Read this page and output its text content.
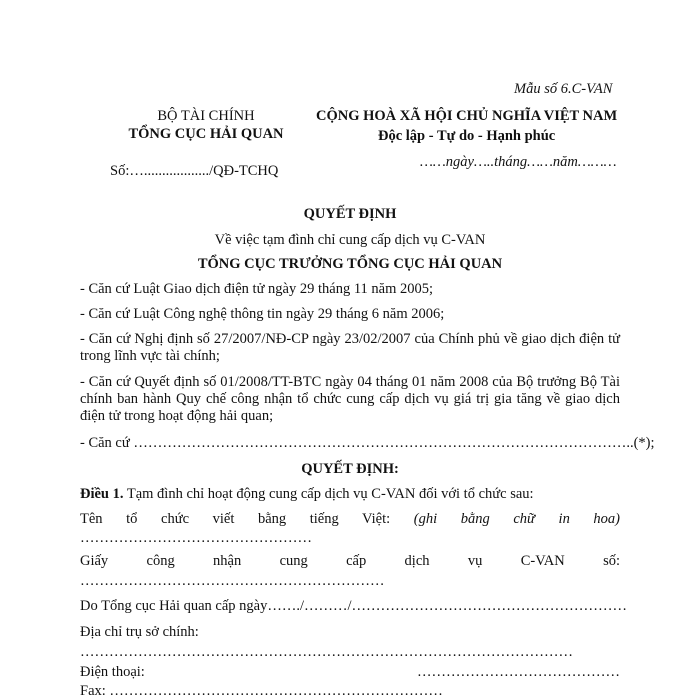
Mẫu số 6.C-VAN
BỘ TÀI CHÍNH
TỔNG CỤC HẢI QUAN
Số:…................../QĐ-TCHQ
CỘNG HOÀ XÃ HỘI CHỦ NGHĨA VIỆT NAM
Độc lập - Tự do - Hạnh phúc
……ngày…..tháng……năm………
QUYẾT ĐỊNH
Về việc tạm đình chỉ cung cấp dịch vụ C-VAN
TỔNG CỤC TRƯỞNG TỔNG CỤC HẢI QUAN
- Căn cứ Luật Giao dịch điện tử ngày 29 tháng 11 năm 2005;
- Căn cứ Luật Công nghệ thông tin ngày 29 tháng 6 năm 2006;
- Căn cứ Nghị định số 27/2007/NĐ-CP ngày 23/02/2007 của Chính phủ về giao dịch điện tử trong lĩnh vực tài chính;
- Căn cứ Quyết định số 01/2008/TT-BTC ngày 04 tháng 01 năm 2008 của Bộ trưởng Bộ Tài chính ban hành Quy chế công nhận tổ chức cung cấp dịch vụ giá trị gia tăng về giao dịch điện tử trong hoạt động hải quan;
- Căn cứ …………………………………………………………………………………………..(*);
QUYẾT ĐỊNH:
Điều 1. Tạm đình chỉ hoạt động cung cấp dịch vụ C-VAN đối với tổ chức sau:
Tên tổ chức viết bằng tiếng Việt: (ghi bằng chữ in hoa)
…………………………………………
Giấy công nhận cung cấp dịch vụ C-VAN số:
………………………………………………………
Do Tổng cục Hải quan cấp ngày……./………/…………………………………………………
Địa chỉ trụ sở chính: …………………………………………………………………………………………
Điện thoại:	……………………………………
Fax: ……………………………………………………………
